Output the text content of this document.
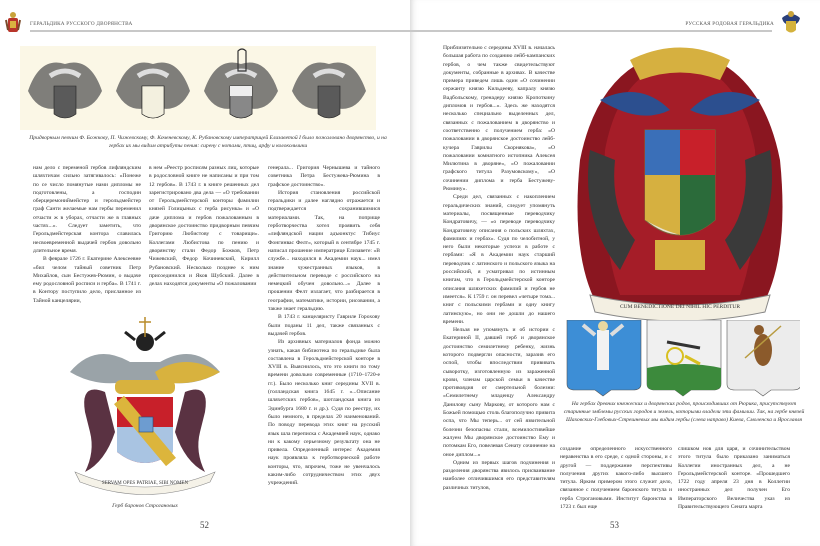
ГЕРАЛЬДИКА РУССКОГО ДВОРЯНСТВА
Придворным певчим Ф. Божкову, П. Чижевскому, Ф. Коченевскому, К. Рубановскому императрицей Елизаветой I было пожаловано дворянство, и на гербах их мы видим атрибуты пения: сирену с нотами, птиц, арфу и колокольчики

нам дело с переменой гербов лифляндским шляхтичам сильно затягивалось: «Понеже по се число помянутые нами дипломы не подготовлены, а господин оберцеремониймейстер и герольдмейстер граф Санти желаемые нам гербы переменил отчасти ж в уборах, отчасти же в главных частях...». Следует заметить, что Герольдмейстерская контора славилась несвоевременной выдачей гербов довольно длительное время.

В феврале 1726 г. Екатерине Алексеевне «бил челом тайный советник Петр Михайлов, сын Бестужев-Рюмин, о выдаче ему родословной росписи и герба». В 1741 г. в Контору поступило дело, присланное из Тайной канцелярии,

в нем «Реестр росписям разных лиц, которые в родословной книге не написаны и при том 12 гербов». В 1743 г. в книге решенных дел зарегистрировано два дела — «О требовании от Герольдмейстерской конторы фамилии князей Голицыных с герба рисунка» и «О даче диплома и гербов пожалованным в дворянское достоинство придворным певчим Григорию Любистову с товарищи». Коллегами Любистова по пению и дворянству стали Федор Божков, Петр Чижевский, Федор Кочиневский, Кирилл Рубановский. Несколько позднее к ним присоединился и Яков Шубский. Далее в делах находятся документы «О пожаловании

генерала... Григория Чернышева и тайного советника Петра Бестужева-Рюмина в графское достоинство».

История становления российской геральдики и далее наглядно отражается и подтверждается сохранившимися материалами. Так, на поприще герботворчества хотел проявить себя «лифляндской нации адъюнктус Тибиус Фонгинвас Фелт», который в сентябре 1745 г. написал прошение императрице Елизавете: «В службе... находился в Академии наук... имел знание чужестранных языков, в действительном переводе с российского на немецкий обучен довольно...» Далее в прошении Фелт излагает, что разбирается в географии, математике, истории, рисовании, а также знает геральдию.

В 1743 г. канцеляристу Гавриле Горохову были поданы 11 дел, также связанных с выдачей гербов.

Из архивных материалов фонда можно узнать, какая библиотека по геральдике была составлена в Герольдмейстерской конторе в XVIII в. Выяснилось, что это книги по тому времени довольно современные (1710–1720-е гг.). Было несколько книг середины XVII в. (голландская книга 1645 г. «...Описание шляхетских гербов», шотландская книга из Эдинбурга 1680 г. и др.). Судя по реестру, их было немного, в пределах 20 наименований. По поводу перевода этих книг на русский язык шла переписка с Академией наук, однако ни к какому серьезному результату она не привела. Определенный интерес Академия наук проявляла к герботворческой работе конторы, что, впрочем, тоже не увенчалось каким-либо сотрудничеством этих двух учреждений.

SERVAM OPES PATRIAE, SIBI NOMEN
Герб баронов Строгановых
52
РУССКАЯ РОДОВАЯ ГЕРАЛЬДИКА

Приблизительно с середины XVIII в. началась большая работа по созданию лейб-кампанских гербов, о чем также свидетельствуют документы, собранные в архивах. В качестве примера приведем лишь один «О сочинении сержанту князю Кильдееву, капралу князю Вадбольскому, гренадеру князю Кропоткину дипломов и гербов...». Здесь же находятся несколько специально выделенных дел, связанных с пожалованием в дворянство и соответственно с получением герба: «О пожаловании в дворянское достоинство лейб-кучера Гаврилы Скорнякова», «О пожаловании комнатного истопника Алексея Милютина в дворяне», «О пожаловании графского титула Разумовскому», «О сочинении диплома и герба Бестужеву-Рюмину».

Среди дел, связанных с накоплением геральдических знаний, следует упомянуть материалы, посвященные переводчику Кондратовичу, — «о переводе переводчику Кондратовичу описания о польских шляхтах, фамилиях и гербах». Судя по челобитной, у него были некоторые успехи в работе с гербами: «Я в Академии наук старший переводчик с латинского и польского языка на российский, я усматривал по истинным книгам, что в Герольдмейстерской конторе описания шляхетских фамилий и гербов не имеется». К 1759 г. он перевел «четыре тома... книг с польскими гербами и одну книгу латинскую», но они не дошли до нашего времени.

Нельзя не упомянуть и об истории с Екатериной II, давшей герб и дворянское достоинство семилетнему ребенку, жизнь которого подвергли опасности, заразив его оспой, чтобы впоследствии прививать сыворотку, изготовленную из зараженной крови, членам царской семьи в качестве противоядия от смертельной болезни: «Семилетнему младенцу Александру Данилову сыну Маркову, от которого нам с Божьей помощью столь благополучно привита оспа, что Мы теперь... от сей язвительной болезни безопасны стали, всемилостивейше жалуем Мы дворянское достоинство Ему и потомкам Его, повелевая Сенату сочинение на оное диплом...»

Одним из первых шагов подчинения и разделения дворянства явилось присваивание наиболее отличившимся его представителям различных титулов,

CUM BENEDICTIONE DEI NIHIL HIC PERDITUR
На гербах древних княжеских и дворянских родов, происходивших от Рюрика, присутствуют старинные эмблемы русских городов и земель, которыми владели эти фамилии. Так, на гербе князей Шаховских-Глебовых-Стрешневых мы видим гербы (слева направо) Киева, Смоленска и Ярославля

создание определенного искусственного неравенства в его среде, с одной стороны, и с другой — поддержание перспективы получения других какого-либо высшего титула. Ярким примером этого служит дело, связанное с получением баронского титула и герба Строгановыми. Институт баронства в 1723 г. был еще

слишком нов для царя, и сочинительством этого титула было приказано заниматься Коллегии иностранных дел, а не Герольдмейстерской конторе. «Прошедшего 1722 году апреля 23 дня в Коллегии иностранных дел получен Его Императорского Величества указ из Правительствующего Сената марта

53
